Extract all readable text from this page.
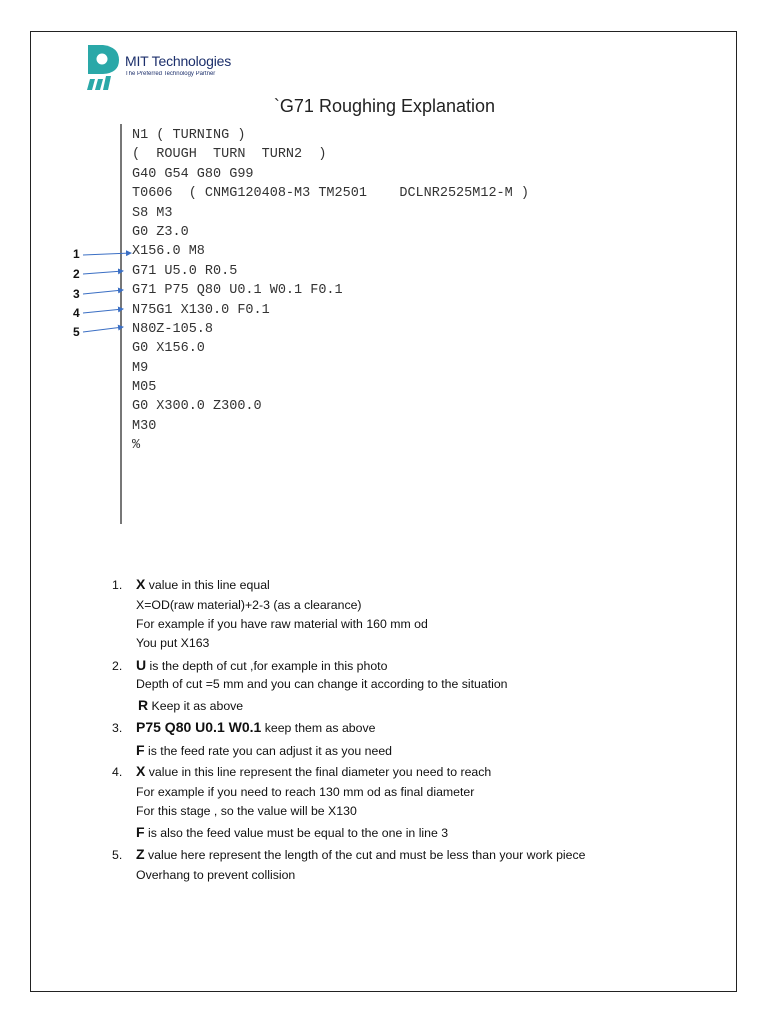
MIT Technologies
The Preferred Technology Partner
`G71 Roughing Explanation
N1 ( TURNING )
(  ROUGH  TURN  TURN2  )
G40 G54 G80 G99
T0606  ( CNMG120408-M3 TM2501    DCLNR2525M12-M )
S8 M3
G0 Z3.0
X156.0 M8
G71 U5.0 R0.5
G71 P75 Q80 U0.1 W0.1 F0.1
N75G1 X130.0 F0.1
N80Z-105.8
G0 X156.0
M9
M05
G0 X300.0 Z300.0
M30
%
1
2
3
4
5
1. X value in this line equal
X=OD(raw material)+2-3 (as a clearance)
For example if you have raw material with 160 mm od
You put X163
2. U is the depth of cut ,for example in this photo
Depth of cut =5 mm and you can change it according to the situation
R Keep it as above
3. P75 Q80 U0.1 W0.1 keep them as above
F is the feed rate you can adjust it as you need
4. X value in this line represent the final diameter you need to reach
For example if you need to reach 130 mm od as final diameter
For this stage , so the value will be X130
F is also the feed value must be equal to the one in line 3
5. Z value here represent the length of the cut and must be less than your work piece
Overhang to prevent collision
